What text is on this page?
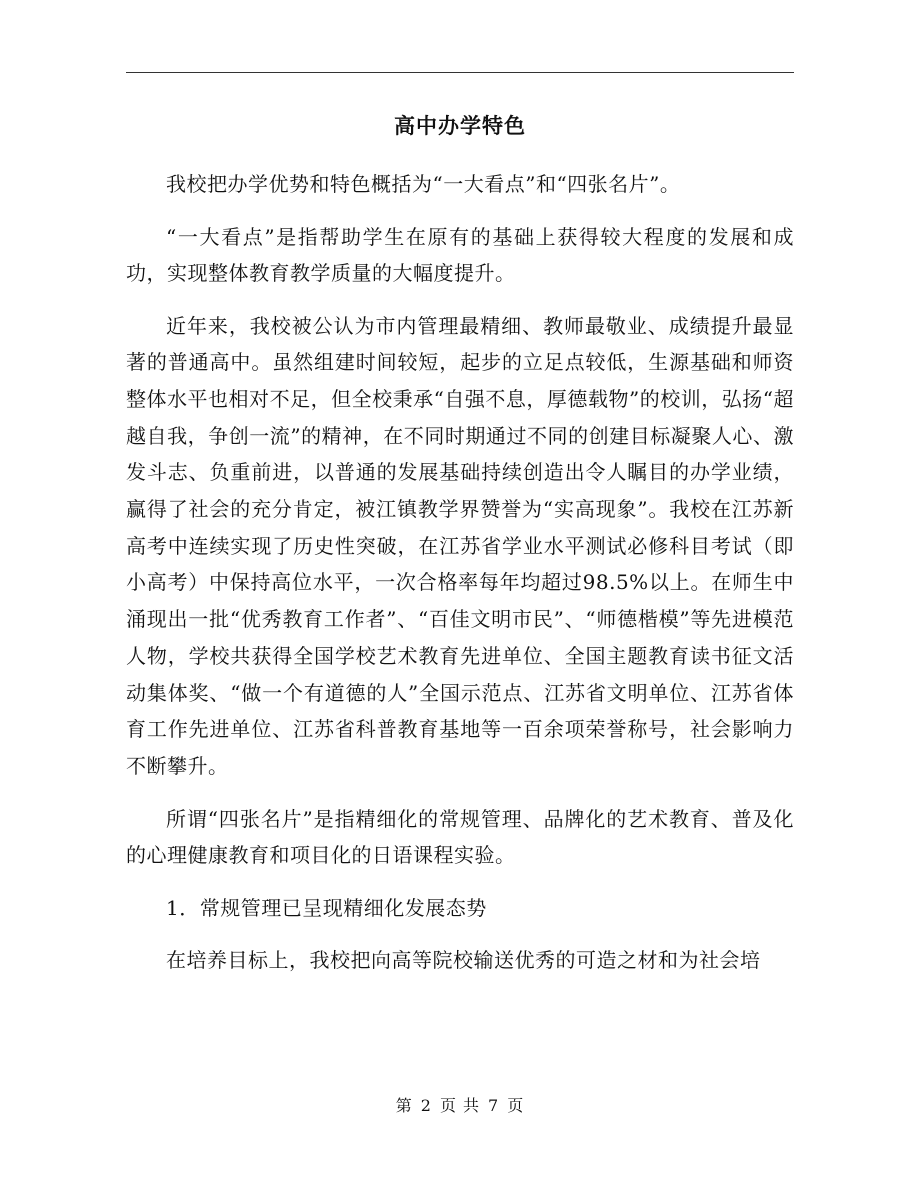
高中办学特色

我校把办学优势和特色概括为“一大看点”和“四张名片”。

“一大看点”是指帮助学生在原有的基础上获得较大程度的发展和成功，实现整体教育教学质量的大幅度提升。

近年来，我校被公认为市内管理最精细、教师最敬业、成绩提升最显著的普通高中。虽然组建时间较短，起步的立足点较低，生源基础和师资整体水平也相对不足，但全校秉承“自强不息，厚德载物”的校训，弘扬“超越自我，争创一流”的精神，在不同时期通过不同的创建目标凝聚人心、激发斗志、负重前进，以普通的发展基础持续创造出令人瞩目的办学业绩，赢得了社会的充分肯定，被江镇教学界赞誉为“实高现象”。我校在江苏新高考中连续实现了历史性突破，在江苏省学业水平测试必修科目考试（即小高考）中保持高位水平，一次合格率每年均超过98.5%以上。在师生中涌现出一批“优秀教育工作者”、“百佳文明市民”、“师德楷模”等先进模范人物，学校共获得全国学校艺术教育先进单位、全国主题教育读书征文活动集体奖、“做一个有道德的人”全国示范点、江苏省文明单位、江苏省体育工作先进单位、江苏省科普教育基地等一百余项荣誉称号，社会影响力不断攀升。

所谓“四张名片”是指精细化的常规管理、品牌化的艺术教育、普及化的心理健康教育和项目化的日语课程实验。

1．常规管理已呈现精细化发展态势

在培养目标上，我校把向高等院校输送优秀的可造之材和为社会培

第 2 页 共 7 页
